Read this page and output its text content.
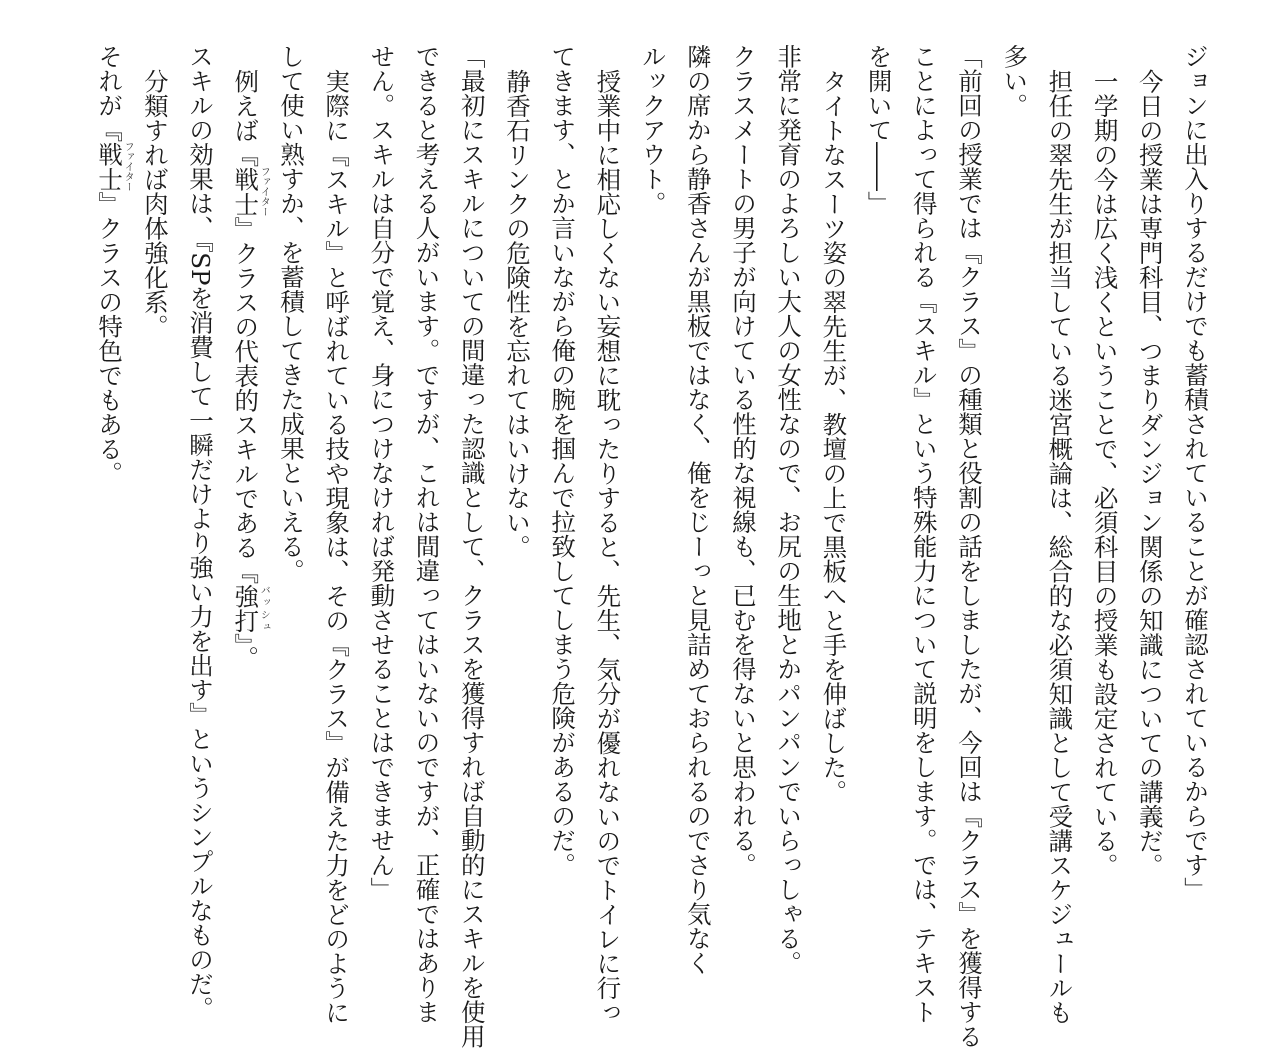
ジョンに出入りするだけでも蓄積されていることが確認されているからです」
今日の授業は専門科目、つまりダンジョン関係の知識についての講義だ。
一学期の今は広く浅くということで、必須科目の授業も設定されている。
担任の翠先生が担当している迷宮概論は、総合的な必須知識として受講スケジュールも
多い。
「前回の授業では『クラス』の種類と役割の話をしましたが、今回は『クラス』を獲得する
ことによって得られる『スキル』という特殊能力について説明をします。では、テキスト
を開いて――」
タイトなスーツ姿の翠先生が、教壇の上で黒板へと手を伸ばした。
非常に発育のよろしい大人の女性なので、お尻の生地とかパンパンでいらっしゃる。
クラスメートの男子が向けている性的な視線も、已むを得ないと思われる。
隣の席から静香さんが黒板ではなく、俺をじーっと見詰めておられるのでさり気なく
ルックアウト。
授業中に相応しくない妄想に耽ったりすると、先生、気分が優れないのでトイレに行っ
てきます、とか言いながら俺の腕を掴んで拉致してしまう危険があるのだ。
静香石リンクの危険性を忘れてはいけない。
「最初にスキルについての間違った認識として、クラスを獲得すれば自動的にスキルを使用
できると考える人がいます。ですが、これは間違ってはいないのですが、正確ではありま
せん。スキルは自分で覚え、身につけなければ発動させることはできません」
実際に『スキル』と呼ばれている技や現象は、その『クラス』が備えた力をどのように
して使い熟すか、を蓄積してきた成果といえる。
例えば『戦士ファイター』クラスの代表的スキルである『強打バッシュ』。
スキルの効果は、『SPを消費して一瞬だけより強い力を出す』というシンプルなものだ。
分類すれば肉体強化系。
それが『戦士ファイター』クラスの特色でもある。
